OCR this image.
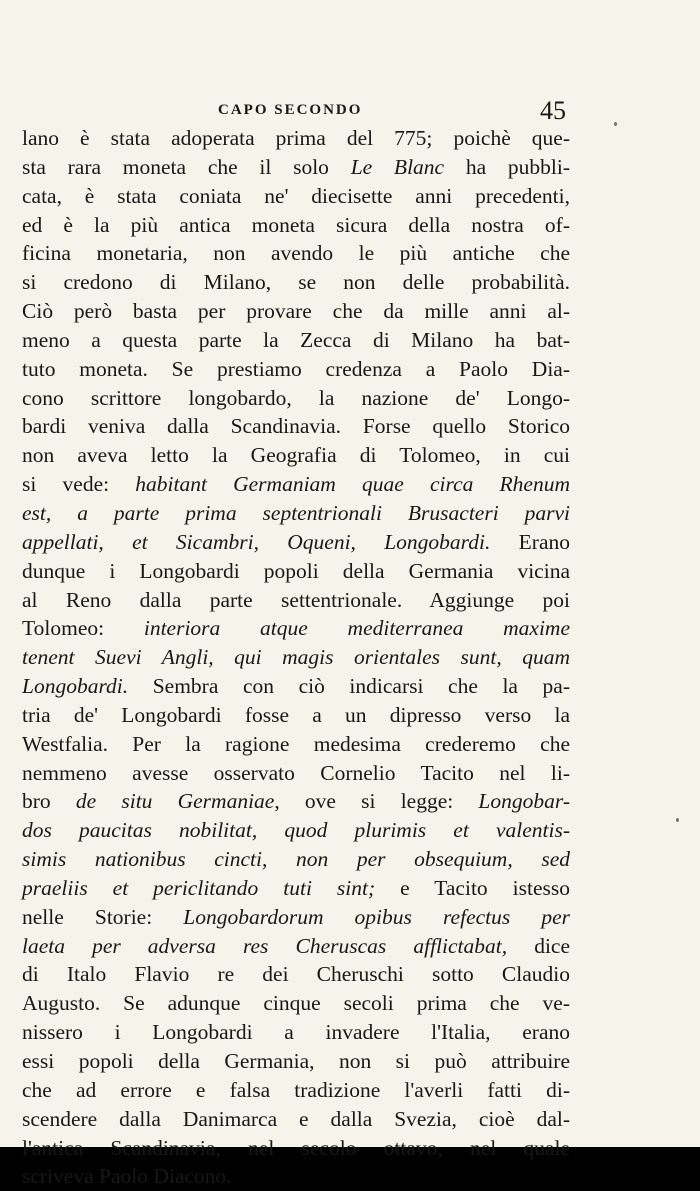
CAPO SECONDO	45
lano è stata adoperata prima del 775; poichè que-
sta rara moneta che il solo Le Blanc ha pubbli-
cata, è stata coniata ne' diecisette anni precedenti,
ed è la più antica moneta sicura della nostra of-
ficina monetaria, non avendo le più antiche che
si credono di Milano, se non delle probabilità.
Ciò però basta per provare che da mille anni al-
meno a questa parte la Zecca di Milano ha bat-
tuto moneta. Se prestiamo credenza a Paolo Dia-
cono scrittore longobardo, la nazione de' Longo-
bardi veniva dalla Scandinavia. Forse quello Storico
non aveva letto la Geografia di Tolomeo, in cui
si vede: habitant Germaniam quae circa Rhenum
est, a parte prima septentrionali Brusacteri parvi
appellati, et Sicambri, Oqueni, Longobardi. Erano
dunque i Longobardi popoli della Germania vicina
al Reno dalla parte settentrionale. Aggiunge poi
Tolomeo: interiora atque mediterranea maxime
tenent Suevi Angli, qui magis orientales sunt, quam
Longobardi. Sembra con ciò indicarsi che la pa-
tria de' Longobardi fosse a un dipresso verso la
Westfalia. Per la ragione medesima crederemo che
nemmeno avesse osservato Cornelio Tacito nel li-
bro de situ Germaniae, ove si legge: Longobar-
dos paucitas nobilitat, quod plurimis et valentis-
simis nationibus cincti, non per obsequium, sed
praeliis et periclitando tuti sint; e Tacito istesso
nelle Storie: Longobardorum opibus refectus per
laeta per adversa res Cheruscas afflictabat, dice
di Italo Flavio re dei Cheruschi sotto Claudio
Augusto. Se adunque cinque secoli prima che ve-
nissero i Longobardi a invadere l'Italia, erano
essi popoli della Germania, non si può attribuire
che ad errore e falsa tradizione l'averli fatti di-
scendere dalla Danimarca e dalla Svezia, cioè dal-
l'antica Scandinavia, nel secolo ottavo, nel quale
scriveva Paolo Diacono.
